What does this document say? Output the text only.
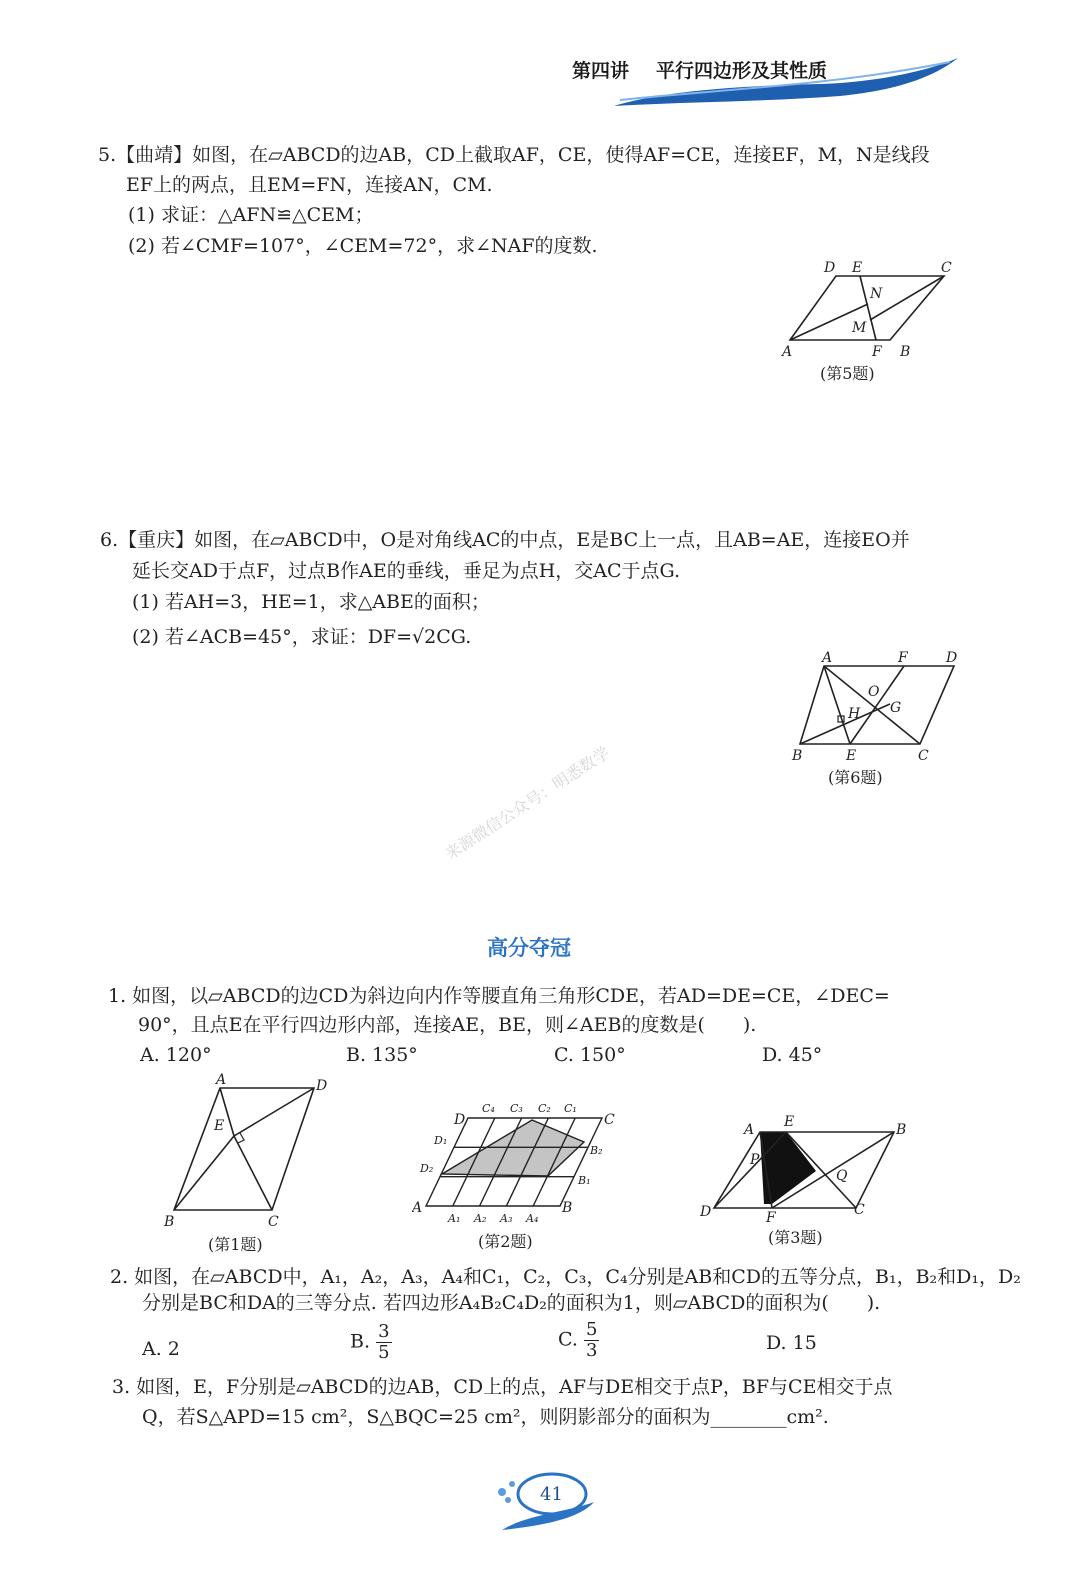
第四讲 平行四边形及其性质
5.【曲靖】如图，在▱ABCD的边AB，CD上截取AF，CE，使得AF=CE，连接EF，M，N是线段
EF上的两点，且EM=FN，连接AN，CM.
(1) 求证：△AFN≌△CEM；
(2) 若∠CMF=107°，∠CEM=72°，求∠NAF的度数.
D E	C
N
M
A	F B
(第5题)
6.【重庆】如图，在▱ABCD中，O是对角线AC的中点，E是BC上一点，且AB=AE，连接EO并
延长交AD于点F，过点B作AE的垂线，垂足为点H，交AC于点G.
(1) 若AH=3，HE=1，求△ABE的面积；
(2) 若∠ACB=45°，求证：DF=√2CG.
A	F	D
O
H G
B	E	C
(第6题)
来源微信公众号：明悉数学
高分夺冠
1. 如图，以▱ABCD的边CD为斜边向内作等腰直角三角形CDE，若AD=DE=CE，∠DEC=
90°，且点E在平行四边形内部，连接AE，BE，则∠AEB的度数是(　　).
A. 120°	B. 135°	C. 150°	D. 45°
A	D
E
B	C
(第1题)
D
C₄ C₃ C₂ C₁
C
D₁
B₂
D₂
B₁
A
A₁ A₂ A₃ A₄
B
(第2题)
A E	B
P
Q
D	F	C
(第3题)
2. 如图，在▱ABCD中，A₁，A₂，A₃，A₄和C₁，C₂，C₃，C₄分别是AB和CD的五等分点，B₁，B₂和D₁，D₂
分别是BC和DA的三等分点. 若四边形A₄B₂C₄D₂的面积为1，则▱ABCD的面积为(　　).
A. 2	B. $\frac{3}{5}$	C. $\frac{5}{3}$	D. 15
3. 如图，E，F分别是▱ABCD的边AB，CD上的点，AF与DE相交于点P，BF与CE相交于点
Q，若S△APD=15 cm²，S△BQC=25 cm²，则阴影部分的面积为________cm².
41
